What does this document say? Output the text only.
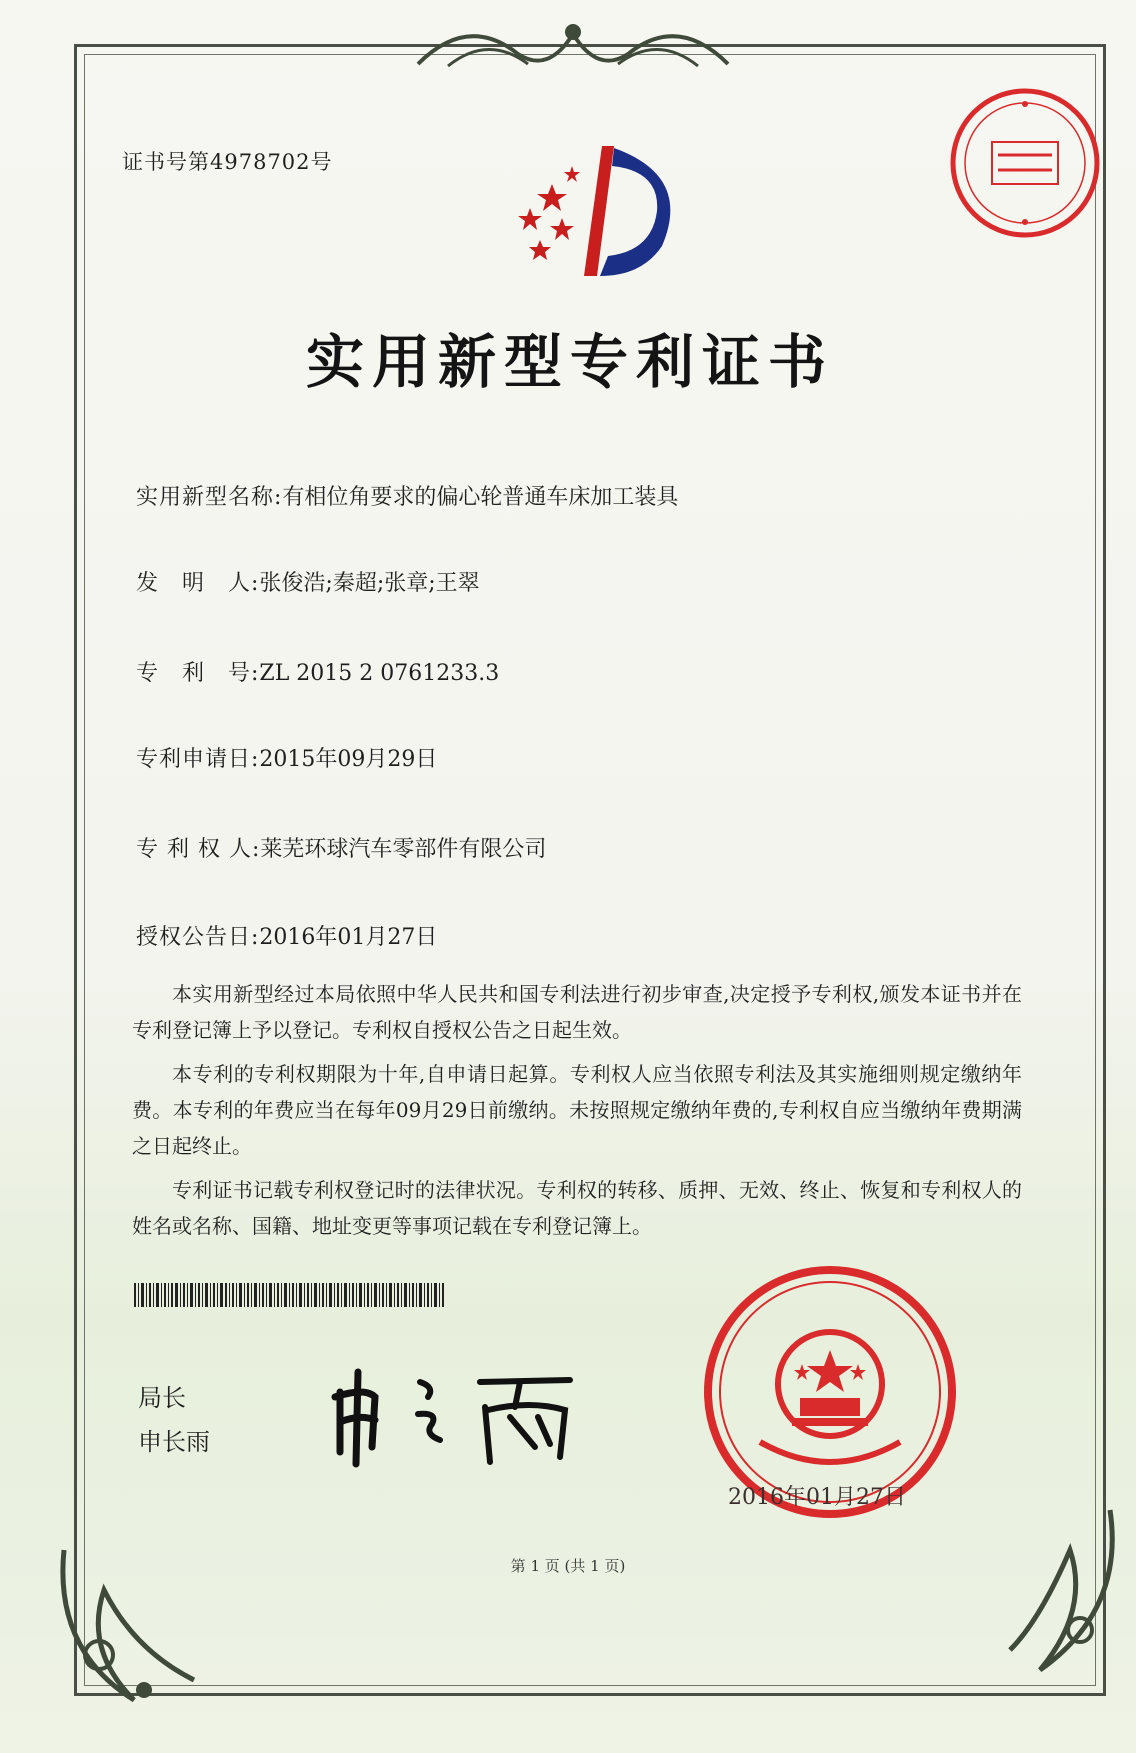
证书号第4978702号
实用新型专利证书
实用新型名称:有相位角要求的偏心轮普通车床加工装具
发　明　人:张俊浩;秦超;张章;王翠
专　利　号:ZL 2015 2 0761233.3
专利申请日:2015年09月29日
专 利 权 人:莱芜环球汽车零部件有限公司
授权公告日:2016年01月27日

本实用新型经过本局依照中华人民共和国专利法进行初步审查,决定授予专利权,颁发本证书并在专利登记簿上予以登记。专利权自授权公告之日起生效。

本专利的专利权期限为十年,自申请日起算。专利权人应当依照专利法及其实施细则规定缴纳年费。本专利的年费应当在每年09月29日前缴纳。未按照规定缴纳年费的,专利权自应当缴纳年费期满之日起终止。

专利证书记载专利权登记时的法律状况。专利权的转移、质押、无效、终止、恢复和专利权人的姓名或名称、国籍、地址变更等事项记载在专利登记簿上。

局长
申长雨
2016年01月27日
第 1 页 (共 1 页)
